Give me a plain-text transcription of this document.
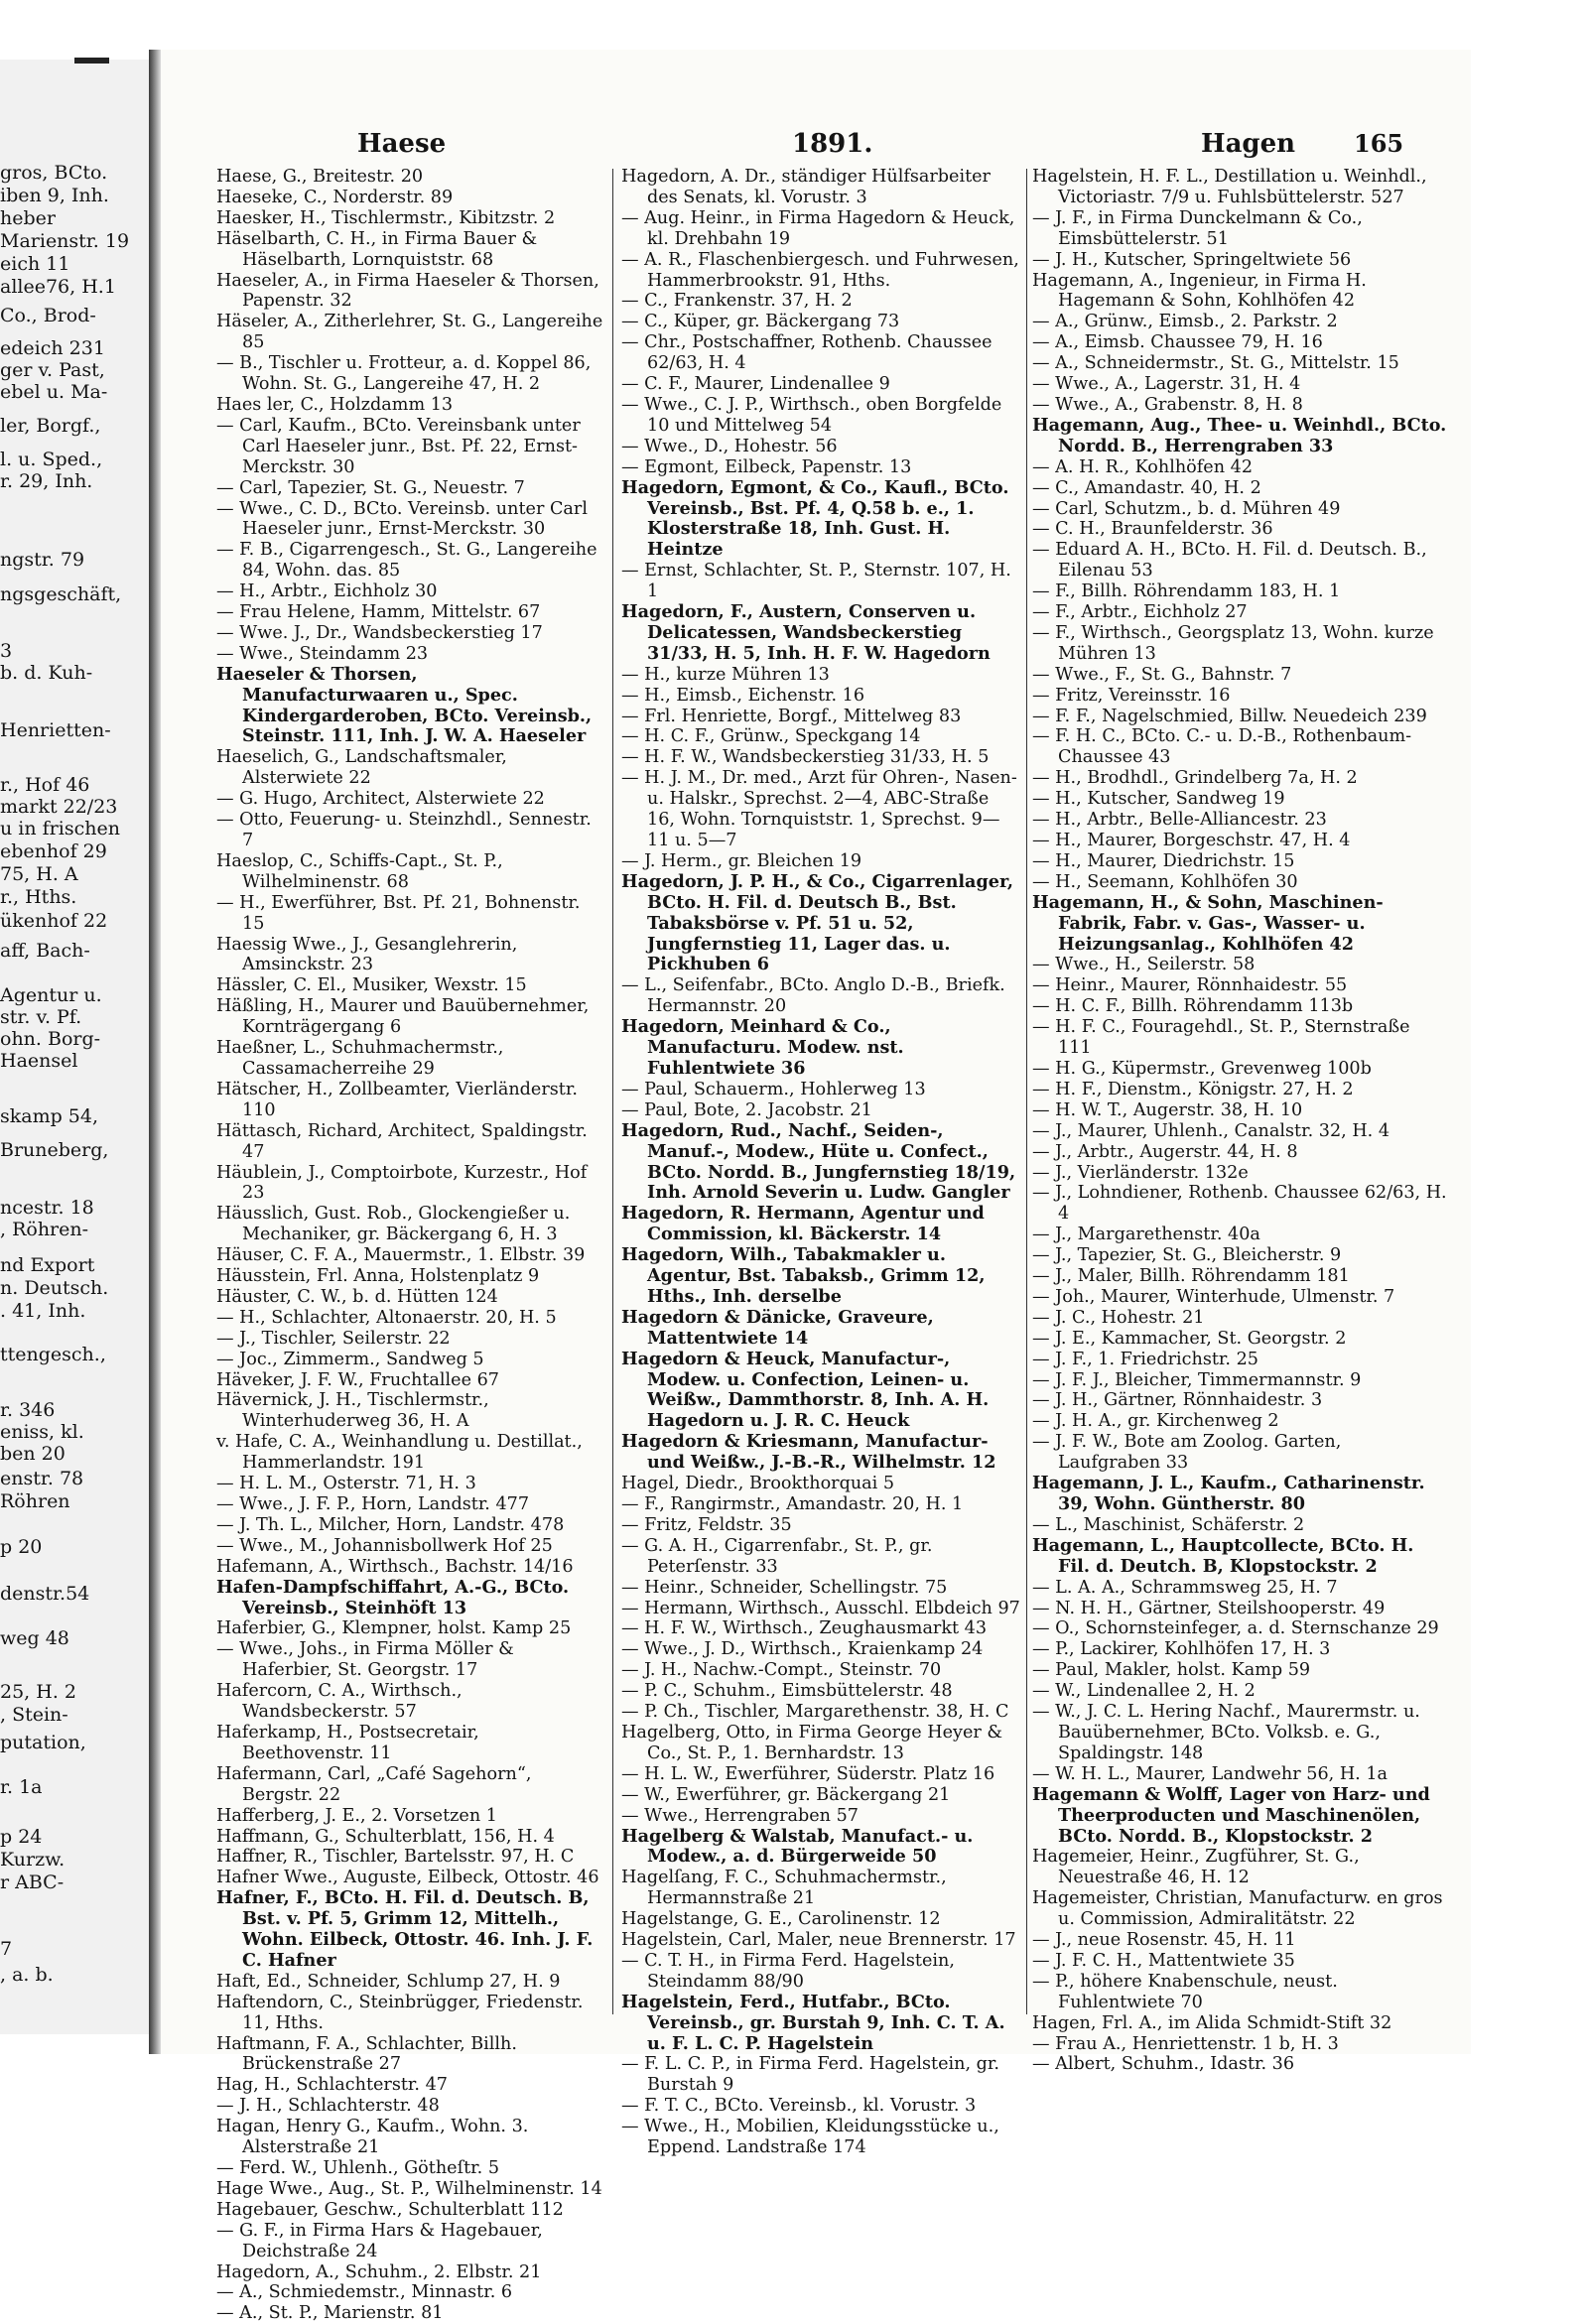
gros, BCto.
iben 9, Inh.
heber
Marienstr. 19
eich 11
allee76, H.1
Co., Brod-
edeich 231
ger v. Past,
ebel u. Ma-
ler, Borgf.,
l. u. Sped.,
r. 29, Inh.
ngstr. 79
ngsgeschäft,
3
b. d. Kuh-
Henrietten-
r., Hof 46
markt 22/23
u in frischen
ebenhof 29
75, H. A
r., Hths.
ükenhof 22
aff, Bach-
Agentur u.
str. v. Pf.
ohn. Borg-
Haensel
skamp 54,
Bruneberg,
ncestr. 18
, Röhren-
nd Export
n. Deutsch.
. 41, Inh.
ttengesch.,
r. 346
eniss, kl.
ben 20
enstr. 78
Röhren
p 20
denstr.54
weg 48
25, H. 2
, Stein-
putation,
r. 1a
p 24
Kurzw.
r ABC-
7
, a. b.
Haese	1891.	Hagen 165
Haese, G., Breitestr. 20
Haeseke, C., Norderstr. 89
Haesker, H., Tischlermstr., Kibitzstr. 2
Häselbarth, C. H., in Firma Bauer & Häselbarth, Lornquiststr. 68
Haeseler, A., in Firma Haeseler & Thorsen, Papenstr. 32
Häseler, A., Zitherlehrer, St. G., Langereihe 85
— B., Tischler u. Frotteur, a. d. Koppel 86, Wohn. St. G., Langereihe 47, H. 2
Haes ler, C., Holzdamm 13
— Carl, Kaufm., BCto. Vereinsbank unter Carl Haeseler junr., Bst. Pf. 22, Ernst-Merckstr. 30
— Carl, Tapezier, St. G., Neuestr. 7
— Wwe., C. D., BCto. Vereinsb. unter Carl Haeseler junr., Ernst-Merckstr. 30
— F. B., Cigarrengesch., St. G., Langereihe 84, Wohn. das. 85
— H., Arbtr., Eichholz 30
— Frau Helene, Hamm, Mittelstr. 67
— Wwe. J., Dr., Wandsbeckerstieg 17
— Wwe., Steindamm 23
Haeseler & Thorsen, Manufacturwaaren u., Spec. Kindergarderoben, BCto. Vereinsb., Steinstr. 111, Inh. J. W. A. Haeseler
Haeselich, G., Landschaftsmaler, Alsterwiete 22
— G. Hugo, Architect, Alsterwiete 22
— Otto, Feuerung- u. Steinzhdl., Sennestr. 7
Haeslop, C., Schiffs-Capt., St. P., Wilhelminenstr. 68
— H., Ewerführer, Bst. Pf. 21, Bohnenstr. 15
Haessig Wwe., J., Gesanglehrerin, Amsinckstr. 23
Hässler, C. El., Musiker, Wexstr. 15
Häßling, H., Maurer und Bauübernehmer, Kornträgergang 6
Haeßner, L., Schuhmachermstr., Cassamacherreihe 29
Hätscher, H., Zollbeamter, Vierländerstr. 110
Hättasch, Richard, Architect, Spaldingstr. 47
Häublein, J., Comptoirbote, Kurzestr., Hof 23
Häusslich, Gust. Rob., Glockengießer u. Mechaniker, gr. Bäckergang 6, H. 3
Häuser, C. F. A., Mauermstr., 1. Elbstr. 39
Häusstein, Frl. Anna, Holstenplatz 9
Häuster, C. W., b. d. Hütten 124
— H., Schlachter, Altonaerstr. 20, H. 5
— J., Tischler, Seilerstr. 22
— Joc., Zimmerm., Sandweg 5
Häveker, J. F. W., Fruchtallee 67
Hävernick, J. H., Tischlermstr., Winterhuderweg 36, H. A
v. Hafe, C. A., Weinhandlung u. Destillat., Hammerlandstr. 191
— H. L. M., Osterstr. 71, H. 3
— Wwe., J. F. P., Horn, Landstr. 477
— J. Th. L., Milcher, Horn, Landstr. 478
— Wwe., M., Johannisbollwerk Hof 25
Hafemann, A., Wirthsch., Bachstr. 14/16
Hafen-Dampfschiffahrt, A.-G., BCto. Vereinsb., Steinhöft 13
Haferbier, G., Klempner, holst. Kamp 25
— Wwe., Johs., in Firma Möller & Haferbier, St. Georgstr. 17
Hafercorn, C. A., Wirthsch., Wandsbeckerstr. 57
Haferkamp, H., Postsecretair, Beethovenstr. 11
Hafermann, Carl, „Café Sagehorn“, Bergstr. 22
Hafferberg, J. E., 2. Vorsetzen 1
Haffmann, G., Schulterblatt, 156, H. 4
Haffner, R., Tischler, Bartelsstr. 97, H. C
Hafner Wwe., Auguste, Eilbeck, Ottostr. 46
Hafner, F., BCto. H. Fil. d. Deutsch. B, Bst. v. Pf. 5, Grimm 12, Mittelh., Wohn. Eilbeck, Ottostr. 46. Inh. J. F. C. Hafner
Haft, Ed., Schneider, Schlump 27, H. 9
Haftendorn, C., Steinbrügger, Friedenstr. 11, Hths.
Haftmann, F. A., Schlachter, Billh. Brückenstraße 27
Hag, H., Schlachterstr. 47
— J. H., Schlachterstr. 48
Hagan, Henry G., Kaufm., Wohn. 3. Alsterstraße 21
— Ferd. W., Uhlenh., Götheſtr. 5
Hage Wwe., Aug., St. P., Wilhelminenstr. 14
Hagebauer, Geschw., Schulterblatt 112
— G. F., in Firma Hars & Hagebauer, Deichstraße 24
Hagedorn, A., Schuhm., 2. Elbstr. 21
— A., Schmiedemstr., Minnastr. 6
— A., St. P., Marienstr. 81
Hagedorn, A. Dr., ständiger Hülfsarbeiter des Senats, kl. Vorustr. 3
— Aug. Heinr., in Firma Hagedorn & Heuck, kl. Drehbahn 19
— A. R., Flaschenbiergesch. und Fuhrwesen, Hammerbrookstr. 91, Hths.
— C., Frankenstr. 37, H. 2
— C., Küper, gr. Bäckergang 73
— Chr., Postschaffner, Rothenb. Chaussee 62/63, H. 4
— C. F., Maurer, Lindenallee 9
— Wwe., C. J. P., Wirthsch., oben Borgfelde 10 und Mittelweg 54
— Wwe., D., Hohestr. 56
— Egmont, Eilbeck, Papenstr. 13
Hagedorn, Egmont, & Co., Kaufl., BCto. Vereinsb., Bst. Pf. 4, Q.58 b. e., 1. Klosterstraße 18, Inh. Gust. H. Heintze
— Ernst, Schlachter, St. P., Sternstr. 107, H. 1
Hagedorn, F., Austern, Conserven u. Delicatessen, Wandsbeckerstieg 31/33, H. 5, Inh. H. F. W. Hagedorn
— H., kurze Mühren 13
— H., Eimsb., Eichenstr. 16
— Frl. Henriette, Borgf., Mittelweg 83
— H. C. F., Grünw., Speckgang 14
— H. F. W., Wandsbeckerstieg 31/33, H. 5
— H. J. M., Dr. med., Arzt für Ohren-, Nasen- u. Halskr., Sprechst. 2—4, ABC-Straße 16, Wohn. Tornquiststr. 1, Sprechst. 9—11 u. 5—7
— J. Herm., gr. Bleichen 19
Hagedorn, J. P. H., & Co., Cigarrenlager, BCto. H. Fil. d. Deutsch B., Bst. Tabaksbörse v. Pf. 51 u. 52, Jungfernstieg 11, Lager das. u. Pickhuben 6
— L., Seifenfabr., BCto. Anglo D.-B., Briefk. Hermannstr. 20
Hagedorn, Meinhard & Co., Manufacturu. Modew. nst. Fuhlentwiete 36
— Paul, Schauerm., Hohlerweg 13
— Paul, Bote, 2. Jacobstr. 21
Hagedorn, Rud., Nachf., Seiden-, Manuf.-, Modew., Hüte u. Confect., BCto. Nordd. B., Jungfernstieg 18/19, Inh. Arnold Severin u. Ludw. Gangler
Hagedorn, R. Hermann, Agentur und Commission, kl. Bäckerstr. 14
Hagedorn, Wilh., Tabakmakler u. Agentur, Bst. Tabaksb., Grimm 12, Hths., Inh. derselbe
Hagedorn & Dänicke, Graveure, Mattentwiete 14
Hagedorn & Heuck, Manufactur-, Modew. u. Confection, Leinen- u. Weißw., Dammthorstr. 8, Inh. A. H. Hagedorn u. J. R. C. Heuck
Hagedorn & Kriesmann, Manufactur- und Weißw., J.-B.-R., Wilhelmstr. 12
Hagel, Diedr., Brookthorquai 5
— F., Rangirmstr., Amandastr. 20, H. 1
— Fritz, Feldstr. 35
— G. A. H., Cigarrenfabr., St. P., gr. Peterſenstr. 33
— Heinr., Schneider, Schellingstr. 75
— Hermann, Wirthsch., Ausschl. Elbdeich 97
— H. F. W., Wirthsch., Zeughausmarkt 43
— Wwe., J. D., Wirthsch., Kraienkamp 24
— J. H., Nachw.-Compt., Steinstr. 70
— P. C., Schuhm., Eimsbüttelerstr. 48
— P. Ch., Tischler, Margarethenstr. 38, H. C
Hagelberg, Otto, in Firma George Heyer & Co., St. P., 1. Bernhardstr. 13
— H. L. W., Ewerführer, Süderstr. Platz 16
— W., Ewerführer, gr. Bäckergang 21
— Wwe., Herrengraben 57
Hagelberg & Walstab, Manufact.- u. Modew., a. d. Bürgerweide 50
Hagelſang, F. C., Schuhmachermstr., Hermannstraße 21
Hagelstange, G. E., Carolinenstr. 12
Hagelstein, Carl, Maler, neue Brennerstr. 17
— C. T. H., in Firma Ferd. Hagelstein, Steindamm 88/90
Hagelstein, Ferd., Hutfabr., BCto. Vereinsb., gr. Burstah 9, Inh. C. T. A. u. F. L. C. P. Hagelstein
— F. L. C. P., in Firma Ferd. Hagelstein, gr. Burstah 9
— F. T. C., BCto. Vereinsb., kl. Vorustr. 3
— Wwe., H., Mobilien, Kleidungsstücke u., Eppend. Landstraße 174
Hagelstein, H. F. L., Destillation u. Weinhdl., Victoriastr. 7/9 u. Fuhlsbüttelerstr. 527
— J. F., in Firma Dunckelmann & Co., Eimsbüttelerstr. 51
— J. H., Kutscher, Springeltwiete 56
Hagemann, A., Ingenieur, in Firma H. Hagemann & Sohn, Kohlhöfen 42
— A., Grünw., Eimsb., 2. Parkstr. 2
— A., Eimsb. Chaussee 79, H. 16
— A., Schneidermstr., St. G., Mittelstr. 15
— Wwe., A., Lagerstr. 31, H. 4
— Wwe., A., Grabenstr. 8, H. 8
Hagemann, Aug., Thee- u. Weinhdl., BCto. Nordd. B., Herrengraben 33
— A. H. R., Kohlhöfen 42
— C., Amandastr. 40, H. 2
— Carl, Schutzm., b. d. Mühren 49
— C. H., Braunfelderstr. 36
— Eduard A. H., BCto. H. Fil. d. Deutsch. B., Eilenau 53
— F., Billh. Röhrendamm 183, H. 1
— F., Arbtr., Eichholz 27
— F., Wirthsch., Georgsplatz 13, Wohn. kurze Mühren 13
— Wwe., F., St. G., Bahnstr. 7
— Fritz, Vereinsstr. 16
— F. F., Nagelschmied, Billw. Neuedeich 239
— F. H. C., BCto. C.- u. D.-B., Rothenbaum-Chaussee 43
— H., Brodhdl., Grindelberg 7a, H. 2
— H., Kutscher, Sandweg 19
— H., Arbtr., Belle-Alliancestr. 23
— H., Maurer, Borgeschstr. 47, H. 4
— H., Maurer, Diedrichstr. 15
— H., Seemann, Kohlhöfen 30
Hagemann, H., & Sohn, Maschinen-Fabrik, Fabr. v. Gas-, Wasser- u. Heizungsanlag., Kohlhöfen 42
— Wwe., H., Seilerstr. 58
— Heinr., Maurer, Rönnhaidestr. 55
— H. C. F., Billh. Röhrendamm 113b
— H. F. C., Fouragehdl., St. P., Sternstraße 111
— H. G., Küpermstr., Grevenweg 100b
— H. F., Dienstm., Königstr. 27, H. 2
— H. W. T., Augerstr. 38, H. 10
— J., Maurer, Uhlenh., Canalstr. 32, H. 4
— J., Arbtr., Augerstr. 44, H. 8
— J., Vierländerstr. 132e
— J., Lohndiener, Rothenb. Chaussee 62/63, H. 4
— J., Margarethenstr. 40a
— J., Tapezier, St. G., Bleicherstr. 9
— J., Maler, Billh. Röhrendamm 181
— Joh., Maurer, Winterhude, Ulmenstr. 7
— J. C., Hohestr. 21
— J. E., Kammacher, St. Georgstr. 2
— J. F., 1. Friedrichstr. 25
— J. F. J., Bleicher, Timmermannstr. 9
— J. H., Gärtner, Rönnhaidestr. 3
— J. H. A., gr. Kirchenweg 2
— J. F. W., Bote am Zoolog. Garten, Laufgraben 33
Hagemann, J. L., Kaufm., Catharinenstr. 39, Wohn. Güntherstr. 80
— L., Maschinist, Schäferstr. 2
Hagemann, L., Hauptcollecte, BCto. H. Fil. d. Deutch. B, Klopstockstr. 2
— L. A. A., Schrammsweg 25, H. 7
— N. H. H., Gärtner, Steilshooperstr. 49
— O., Schornsteinfeger, a. d. Sternschanze 29
— P., Lackirer, Kohlhöfen 17, H. 3
— Paul, Makler, holst. Kamp 59
— W., Lindenallee 2, H. 2
— W., J. C. L. Hering Nachf., Maurermstr. u. Bauübernehmer, BCto. Volksb. e. G., Spaldingstr. 148
— W. H. L., Maurer, Landwehr 56, H. 1a
Hagemann & Wolff, Lager von Harz- und Theerproducten und Maschinenölen, BCto. Nordd. B., Klopstockstr. 2
Hagemeier, Heinr., Zugführer, St. G., Neuestraße 46, H. 12
Hagemeister, Christian, Manufacturw. en gros u. Commission, Admiralitätstr. 22
— J., neue Rosenstr. 45, H. 11
— J. F. C. H., Mattentwiete 35
— P., höhere Knabenschule, neust. Fuhlentwiete 70
Hagen, Frl. A., im Alida Schmidt-Stift 32
— Frau A., Henriettenstr. 1 b, H. 3
— Albert, Schuhm., Idastr. 36
